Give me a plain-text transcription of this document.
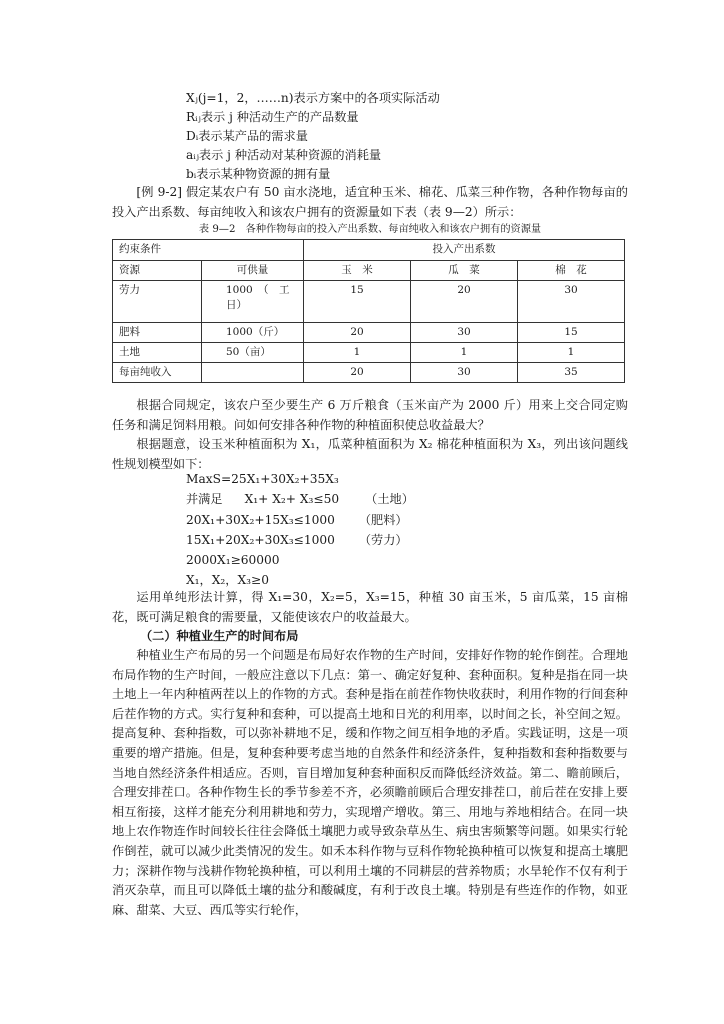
Xⱼ(j=1，2，……n)表示方案中的各项实际活动
Rᵢⱼ表示 j 种活动生产的产品数量
Dᵢ表示某产品的需求量
aᵢⱼ表示 j 种活动对某种资源的消耗量
bᵢ表示某种物资源的拥有量
[例 9-2] 假定某农户有 50 亩水浇地，适宜种玉米、棉花、瓜菜三种作物，各种作物每亩的投入产出系数、每亩纯收入和该农户拥有的资源量如下表（表 9—2）所示：
表 9—2　各种作物每亩的投入产出系数、每亩纯收入和该农户拥有的资源量
约束条件		投入产出系数		
资源	可供量	玉　米	瓜　菜	棉　花
劳力	1000　（　工日）	15	20	30
肥料	1000（斤）	20	30	15
土地	50（亩）	1	1	1
每亩纯收入		20	30	35
根据合同规定，该农户至少要生产 6 万斤粮食（玉米亩产为 2000 斤）用来上交合同定购任务和满足饲料用粮。问如何安排各种作物的种植面积使总收益最大？
根据题意，设玉米种植面积为 X₁，瓜菜种植面积为 X₂ 棉花种植面积为 X₃，列出该问题线性规划模型如下：
MaxS=25X₁+30X₂+35X₃
并满足 X₁+ X₂+ X₃≤50 （土地）
20X₁+30X₂+15X₃≤1000 （肥料）
15X₁+20X₂+30X₃≤1000 （劳力）
2000X₁≥60000
X₁，X₂，X₃≥0
运用单纯形法计算，得 X₁=30，X₂=5，X₃=15，种植 30 亩玉米，5 亩瓜菜，15 亩棉花，既可满足粮食的需要量，又能使该农户的收益最大。
（二）种植业生产的时间布局
种植业生产布局的另一个问题是布局好农作物的生产时间，安排好作物的轮作倒茬。合理地布局作物的生产时间，一般应注意以下几点：第一、确定好复种、套种面积。复种是指在同一块土地上一年内种植两茬以上的作物的方式。套种是指在前茬作物快收获时，利用作物的行间套种后茬作物的方式。实行复种和套种，可以提高土地和日光的利用率，以时间之长，补空间之短。提高复种、套种指数，可以弥补耕地不足，缓和作物之间互相争地的矛盾。实践证明，这是一项重要的增产措施。但是，复种套种要考虑当地的自然条件和经济条件，复种指数和套种指数要与当地自然经济条件相适应。否则，盲目增加复种套种面积反而降低经济效益。第二、瞻前顾后，合理安排茬口。各种作物生长的季节参差不齐，必须瞻前顾后合理安排茬口，前后茬在安排上要相互衔接，这样才能充分利用耕地和劳力，实现增产增收。第三、用地与养地相结合。在同一块地上农作物连作时间较长往往会降低土壤肥力或导致杂草丛生、病虫害频繁等问题。如果实行轮作倒茬，就可以减少此类情况的发生。如禾本科作物与豆科作物轮换种植可以恢复和提高土壤肥力；深耕作物与浅耕作物轮换种植，可以利用土壤的不同耕层的营养物质；水旱轮作不仅有利于消灭杂草，而且可以降低土壤的盐分和酸碱度，有利于改良土壤。特别是有些连作的作物，如亚麻、甜菜、大豆、西瓜等实行轮作，
